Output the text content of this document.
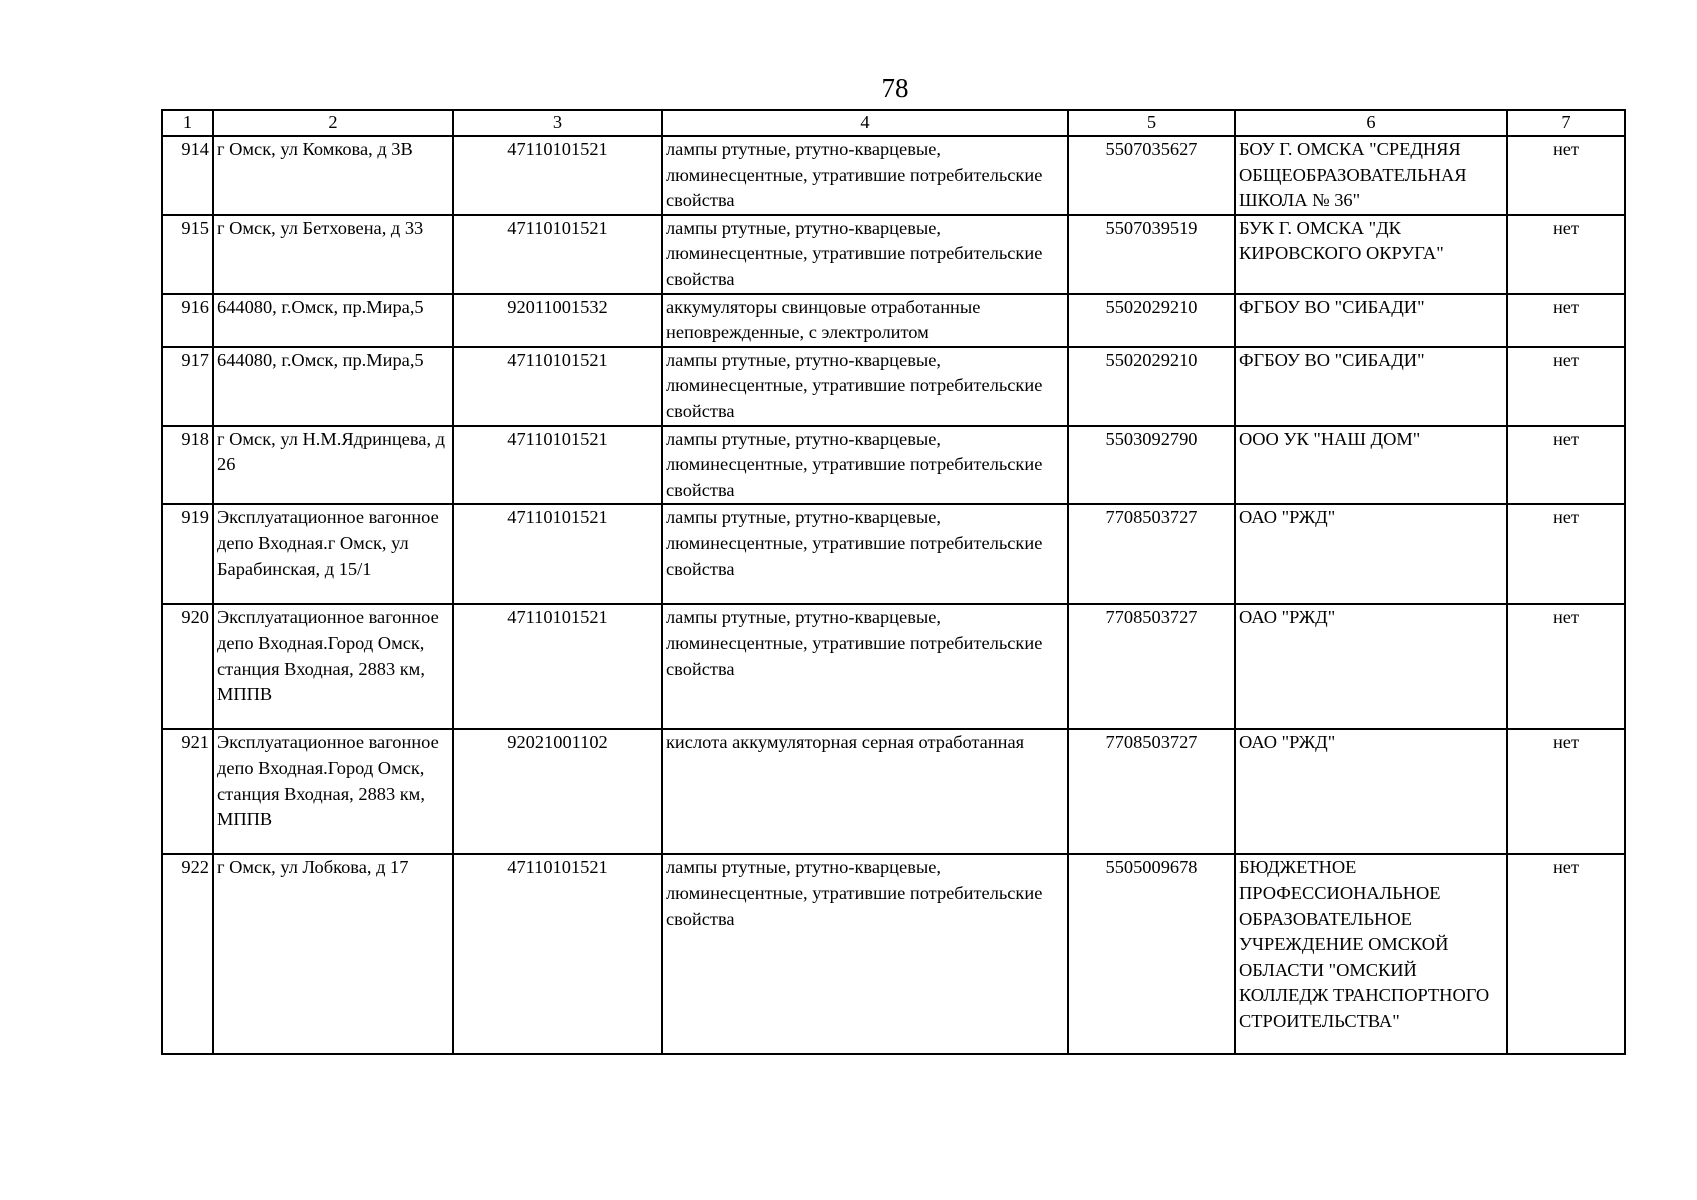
78
1	2	3	4	5	6	7
914	г Омск, ул Комкова, д 3В	47110101521	лампы ртутные, ртутно-кварцевые, люминесцентные, утратившие потребительские свойства	5507035627	БОУ Г. ОМСКА "СРЕДНЯЯ ОБЩЕОБРАЗОВАТЕЛЬНАЯ ШКОЛА № 36"	нет
915	г Омск, ул Бетховена, д 33	47110101521	лампы ртутные, ртутно-кварцевые, люминесцентные, утратившие потребительские свойства	5507039519	БУК Г. ОМСКА "ДК КИРОВСКОГО ОКРУГА"	нет
916	644080, г.Омск, пр.Мира,5	92011001532	аккумуляторы свинцовые отработанные неповрежденные, с электролитом	5502029210	ФГБОУ ВО "СИБАДИ"	нет
917	644080, г.Омск, пр.Мира,5	47110101521	лампы ртутные, ртутно-кварцевые, люминесцентные, утратившие потребительские свойства	5502029210	ФГБОУ ВО "СИБАДИ"	нет
918	г Омск, ул Н.М.Ядринцева, д 26	47110101521	лампы ртутные, ртутно-кварцевые, люминесцентные, утратившие потребительские свойства	5503092790	ООО УК "НАШ ДОМ"	нет
919	Эксплуатационное вагонное депо Входная.г Омск, ул Барабинская, д 15/1	47110101521	лампы ртутные, ртутно-кварцевые, люминесцентные, утратившие потребительские свойства	7708503727	ОАО "РЖД"	нет
920	Эксплуатационное вагонное депо Входная.Город Омск, станция Входная, 2883 км, МППВ	47110101521	лампы ртутные, ртутно-кварцевые, люминесцентные, утратившие потребительские свойства	7708503727	ОАО "РЖД"	нет
921	Эксплуатационное вагонное депо Входная.Город Омск, станция Входная, 2883 км, МППВ	92021001102	кислота аккумуляторная серная отработанная	7708503727	ОАО "РЖД"	нет
922	г Омск, ул Лобкова, д 17	47110101521	лампы ртутные, ртутно-кварцевые, люминесцентные, утратившие потребительские свойства	5505009678	БЮДЖЕТНОЕ ПРОФЕССИОНАЛЬНОЕ ОБРАЗОВАТЕЛЬНОЕ УЧРЕЖДЕНИЕ ОМСКОЙ ОБЛАСТИ "ОМСКИЙ КОЛЛЕДЖ ТРАНСПОРТНОГО СТРОИТЕЛЬСТВА"	нет
